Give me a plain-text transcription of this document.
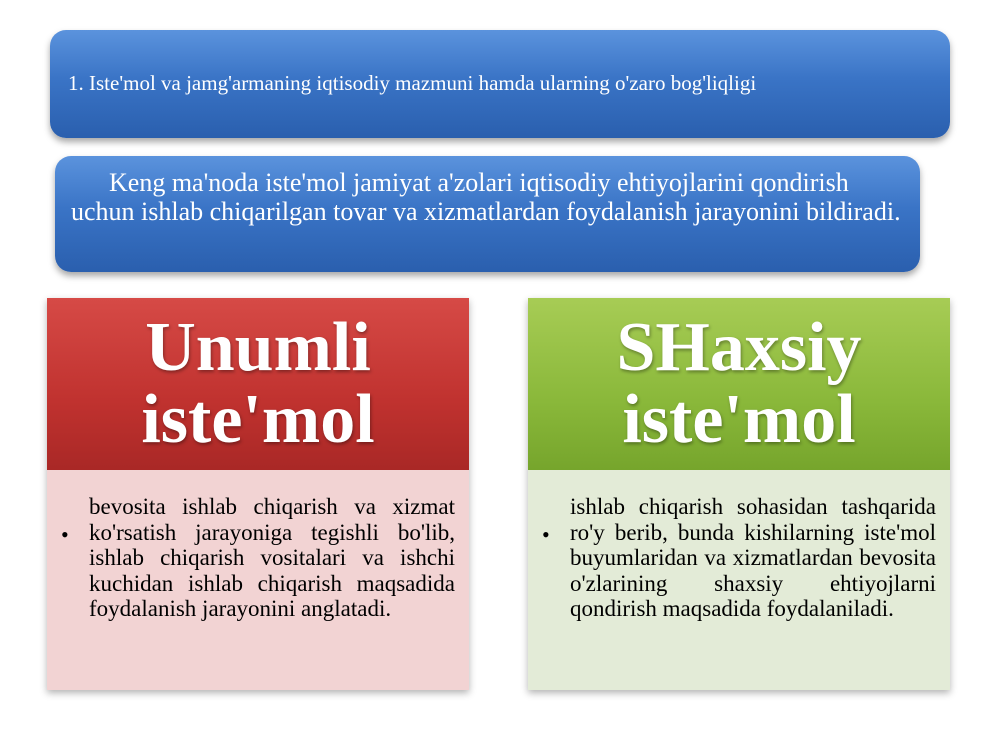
1. Iste'mol va jamg'armaning iqtisodiy mazmuni hamda ularning o'zaro bog'liqligi
Keng ma'noda iste'mol jamiyat a'zolari iqtisodiy ehtiyojlarini qondirish uchun ishlab chiqarilgan tovar va xizmatlardan foydalanish jarayonini bildiradi.
Unumli iste'mol
•
bevosita ishlab chiqarish va xizmat ko'rsatish jarayoniga tegishli bo'lib, ishlab chiqarish vositalari va ishchi kuchidan ishlab chiqarish maqsadida foydalanish jarayonini anglatadi.
SHaxsiy iste'mol
•
ishlab chiqarish sohasidan tashqarida ro'y berib, bunda kishilarning iste'mol buyumlaridan va xizmatlardan bevosita o'zlarining shaxsiy ehtiyojlarni qondirish maqsadida foydalaniladi.
